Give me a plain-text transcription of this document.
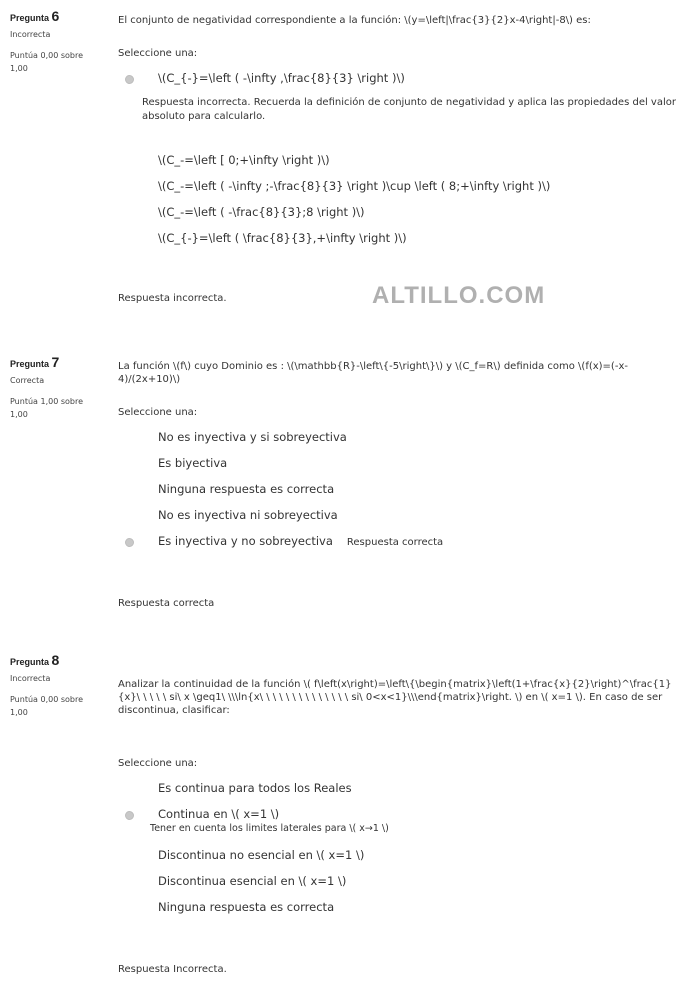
ALTILLO.COM
Pregunta 6
Incorrecta
Puntúa 0,00 sobre 1,00

El conjunto de negatividad correspondiente a la función: \(y=\left|\frac{3}{2}x-4\right|-8\) es:

Seleccione una:
\(C_{-}=\left ( -\infty ,\frac{8}{3} \right )\)
Respuesta incorrecta. Recuerda la definición de conjunto de negatividad y aplica las propiedades del valor absoluto para calcularlo.
\(C_-=\left [ 0;+\infty \right )\)
\(C_-=\left ( -\infty ;-\frac{8}{3} \right )\cup \left ( 8;+\infty \right )\)
\(C_-=\left ( -\frac{8}{3};8 \right )\)
\(C_{-}=\left ( \frac{8}{3},+\infty \right )\)
Respuesta incorrecta.
Pregunta 7
Correcta
Puntúa 1,00 sobre 1,00

La función \(f\) cuyo Dominio es : \(\mathbb{R}-\left\{-5\right\}\) y \(C_f=R\) definida como \(f(x)=(-x-4)/(2x+10)\)

Seleccione una:
No es inyectiva y si sobreyectiva
Es biyectiva
Ninguna respuesta es correcta
No es inyectiva ni sobreyectiva
Es inyectiva y no sobreyectiva Respuesta correcta
Respuesta correcta
Pregunta 8
Incorrecta
Puntúa 0,00 sobre 1,00

Analizar la continuidad de la función \( f\left(x\right)=\left\{\begin{matrix}\left(1+\frac{x}{2}\right)^\frac{1}{x}\ \ \ \ \ si\ x \geq1\ \\\ln{x\ \ \ \ \ \ \ \ \ \ \ \ \ \ si\ 0<x<1}\\\end{matrix}\right. \) en \( x=1 \). En caso de ser discontinua, clasificar:

Seleccione una:
Es continua para todos los Reales
Continua en \( x=1 \)
Tener en cuenta los limites laterales para \( x→1 \)
Discontinua no esencial en \( x=1 \)
Discontinua esencial en \( x=1 \)
Ninguna respuesta es correcta
Respuesta Incorrecta.
